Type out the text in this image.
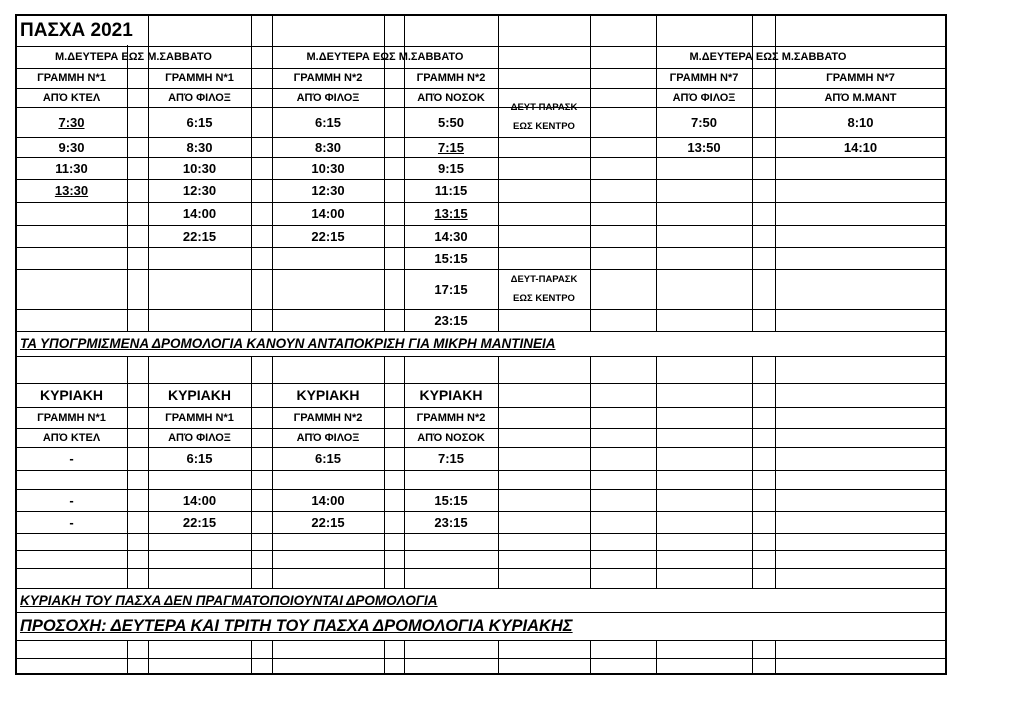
ΠΑΣΧΑ 2021
Μ.ΔΕΥΤΕΡΑ ΕΩΣ Μ.ΣΑΒΒΑΤΟ	Μ.ΔΕΥΤΕΡΑ ΕΩΣ Μ.ΣΑΒΒΑΤΟ	Μ.ΔΕΥΤΕΡΑ ΕΩΣ Μ.ΣΑΒΒΑΤΟ
ΓΡΑΜΜΗ Ν*1
ΑΠΌ ΚΤΕΛ
ΓΡΑΜΜΗ Ν*1
ΑΠΌ ΦΙΛΟΞ
ΓΡΑΜΜΗ Ν*2
ΑΠΌ ΦΙΛΟΞ
ΓΡΑΜΜΗ Ν*2
ΑΠΌ ΝΟΣΟΚ
ΓΡΑΜΜΗ Ν*7
ΑΠΌ ΦΙΛΟΞ
ΓΡΑΜΜΗ Ν*7
ΑΠΌ Μ.ΜΑΝΤ
7:30
9:30
11:30
13:30
6:15
8:30
10:30
12:30
14:00
22:15
6:15
8:30
10:30
12:30
14:00
22:15
5:50
7:15
9:15
11:15
13:15
14:30
15:15
17:15
23:15
7:50
13:50
8:10
14:10
ΔΕΥΤ-ΠΑΡΑΣΚ
ΕΩΣ ΚΕΝΤΡΟ
ΔΕΥΤ-ΠΑΡΑΣΚ
ΕΩΣ ΚΕΝΤΡΟ
ΤΑ ΥΠΟΓΡΜΙΣΜΕΝΑ ΔΡΟΜΟΛΟΓΙΑ ΚΑΝΟΥΝ ΑΝΤΑΠΟΚΡΙΣΗ ΓΙΑ ΜΙΚΡΗ ΜΑΝΤΙΝΕΙΑ
ΚΥΡΙΑΚΗ
ΓΡΑΜΜΗ Ν*1
ΑΠΌ ΚΤΕΛ
-
-
-
ΚΥΡΙΑΚΗ
ΓΡΑΜΜΗ Ν*1
ΑΠΌ ΦΙΛΟΞ
6:15
14:00
22:15
ΚΥΡΙΑΚΗ
ΓΡΑΜΜΗ Ν*2
ΑΠΌ ΦΙΛΟΞ
6:15
14:00
22:15
ΚΥΡΙΑΚΗ
ΓΡΑΜΜΗ Ν*2
ΑΠΌ ΝΟΣΟΚ
7:15
15:15
23:15
ΚΥΡΙΑΚΗ ΤΟΥ ΠΑΣΧΑ ΔΕΝ ΠΡΑΓΜΑΤΟΠΟΙΟΥΝΤΑΙ ΔΡΟΜΟΛΟΓΙΑ
ΠΡΟΣΟΧΗ: ΔΕΥΤΕΡΑ ΚΑΙ ΤΡΙΤΗ ΤΟΥ ΠΑΣΧΑ ΔΡΟΜΟΛΟΓΙΑ ΚΥΡΙΑΚΗΣ
